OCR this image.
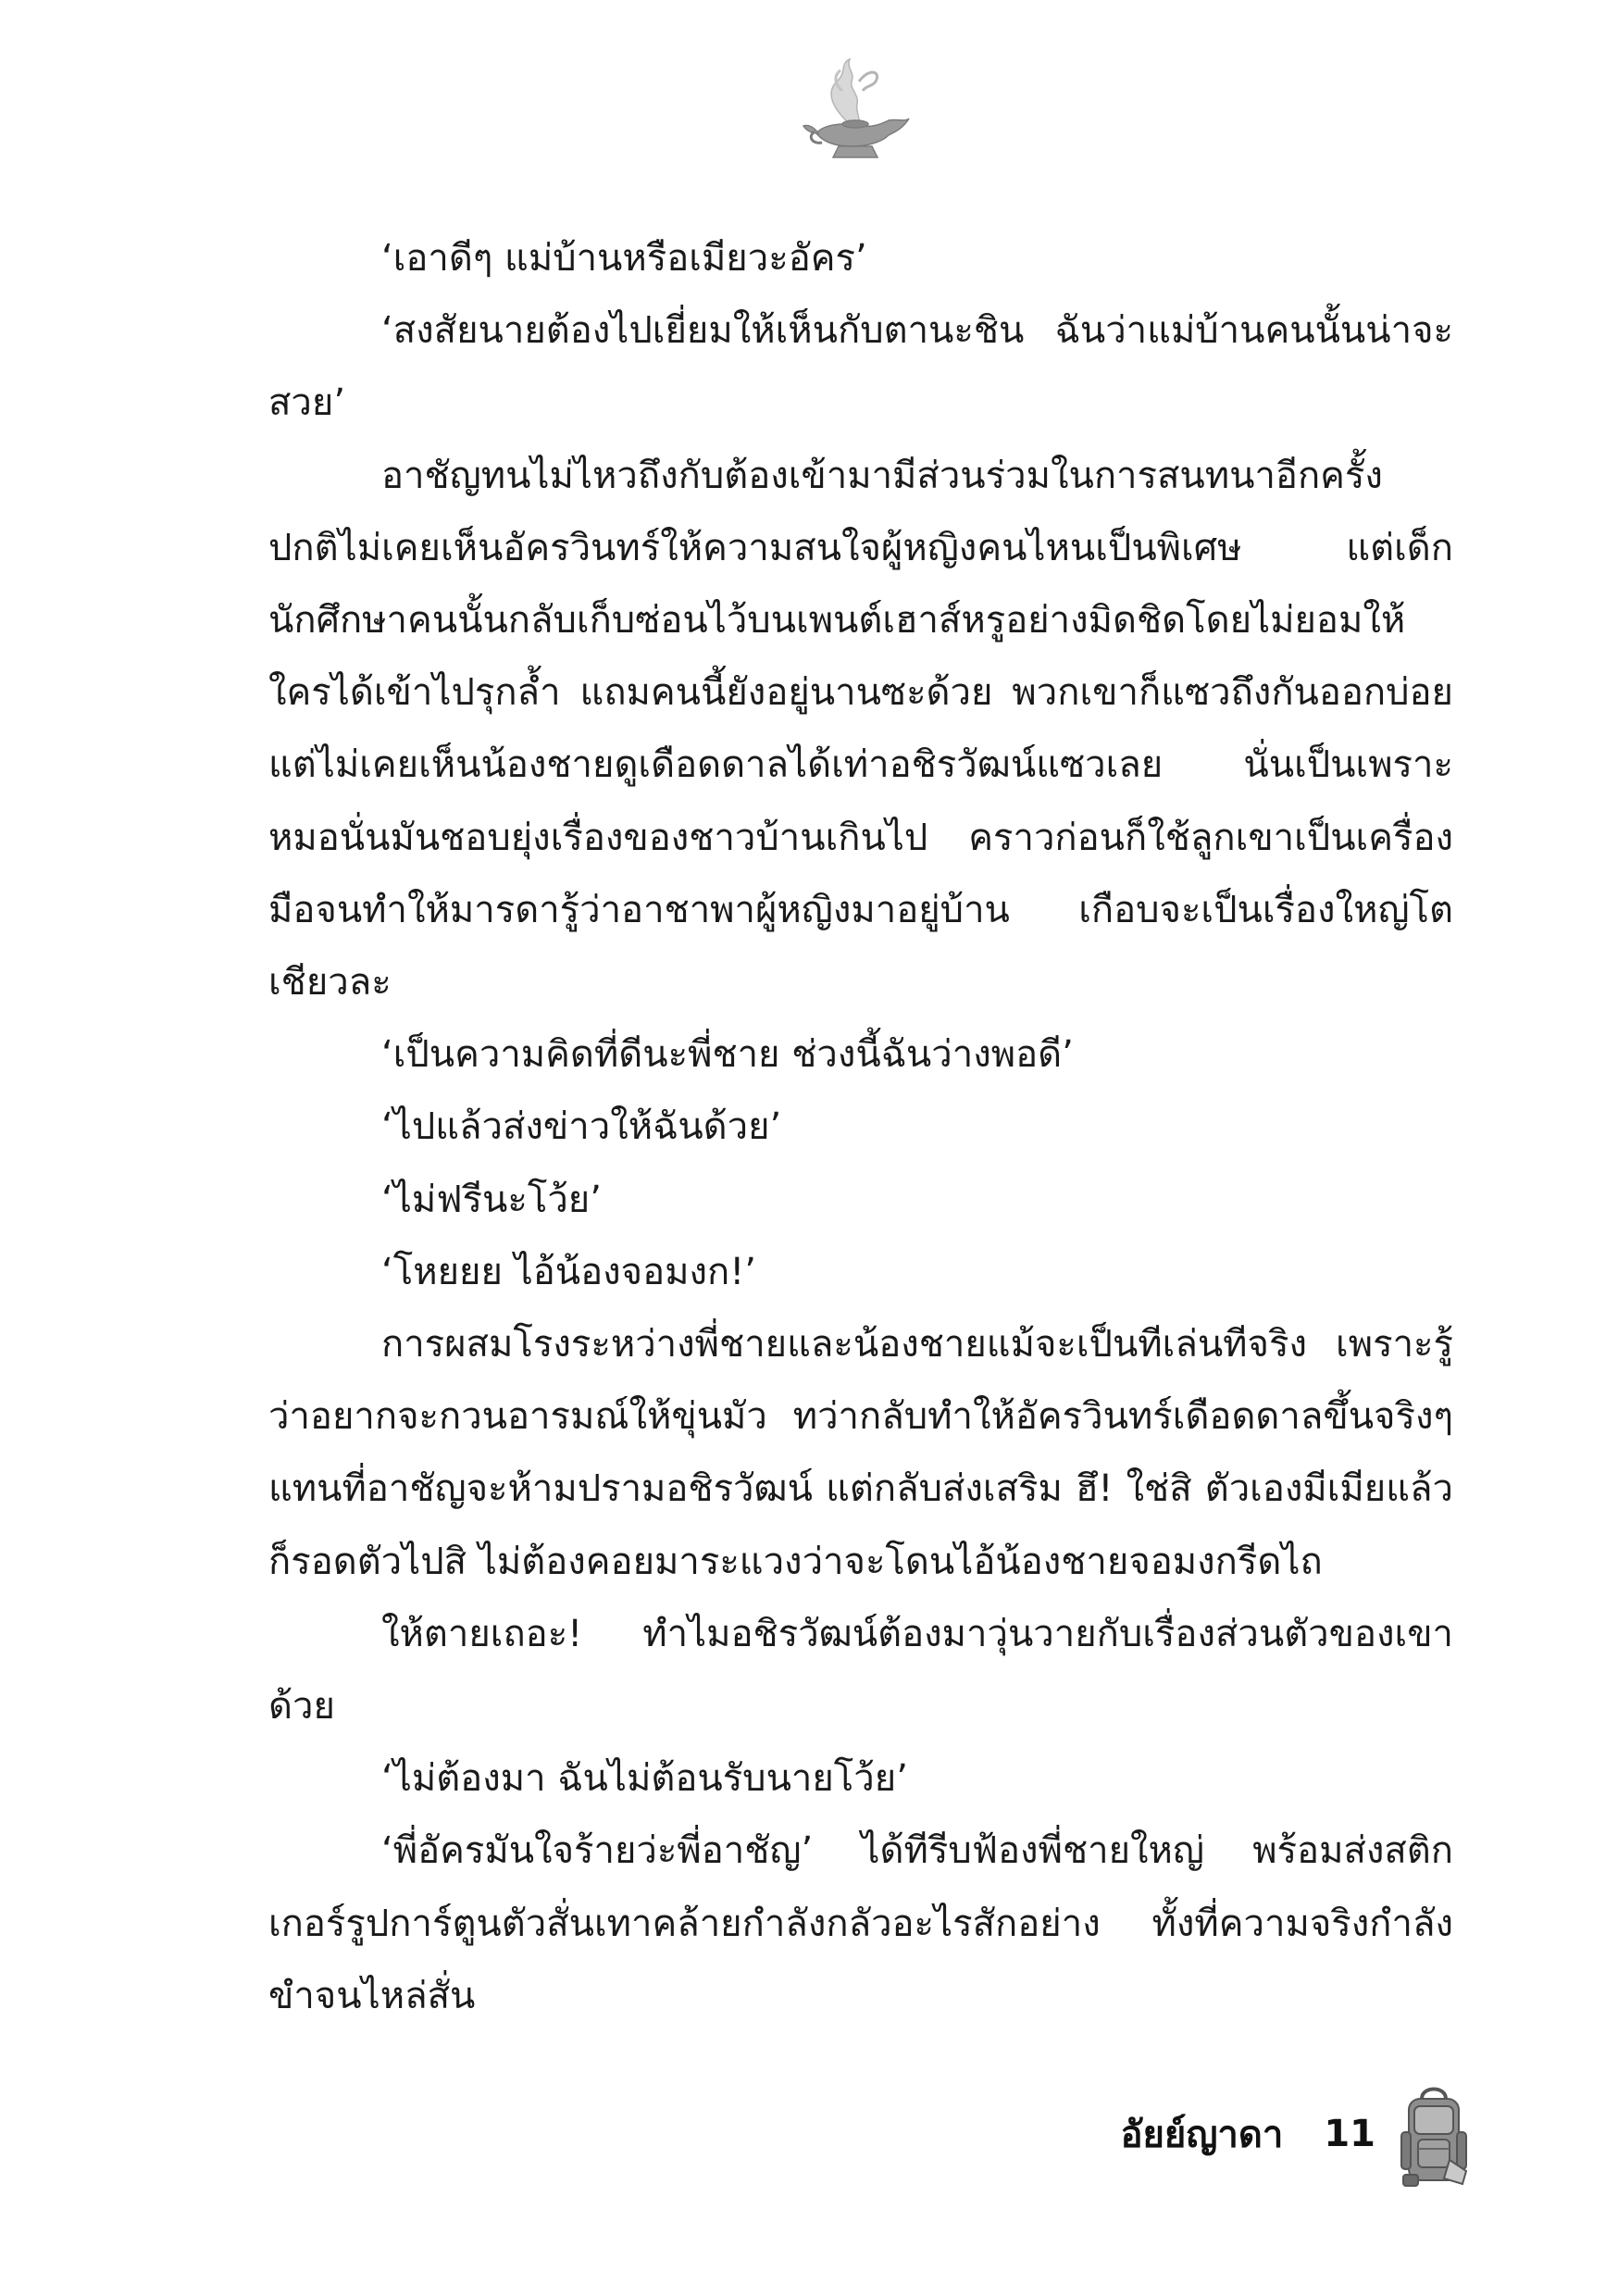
‘เอาดีๆ แม่บ้านหรือเมียวะอัคร’

‘สงสัยนายต้องไปเยี่ยมให้เห็นกับตานะชิน ฉันว่าแม่บ้านคนนั้นน่าจะสวย’

อาชัญทนไม่ไหวถึงกับต้องเข้ามามีส่วนร่วมในการสนทนาอีกครั้ง ปกติไม่เคยเห็นอัครวินทร์ให้ความสนใจผู้หญิงคนไหนเป็นพิเศษ แต่เด็กนักศึกษาคนนั้นกลับเก็บซ่อนไว้บนเพนต์เฮาส์หรูอย่างมิดชิดโดยไม่ยอมให้ใครได้เข้าไปรุกล้ำ แถมคนนี้ยังอยู่นานซะด้วย พวกเขาก็แซวถึงกันออกบ่อย แต่ไม่เคยเห็นน้องชายดูเดือดดาลได้เท่าอชิรวัฒน์แซวเลย นั่นเป็นเพราะหมอนั่นมันชอบยุ่งเรื่องของชาวบ้านเกินไป คราวก่อนก็ใช้ลูกเขาเป็นเครื่องมือจนทำให้มารดารู้ว่าอาชาพาผู้หญิงมาอยู่บ้าน เกือบจะเป็นเรื่องใหญ่โตเชียวละ

‘เป็นความคิดที่ดีนะพี่ชาย ช่วงนี้ฉันว่างพอดี’

‘ไปแล้วส่งข่าวให้ฉันด้วย’

‘ไม่ฟรีนะโว้ย’

‘โหยยย ไอ้น้องจอมงก!’

การผสมโรงระหว่างพี่ชายและน้องชายแม้จะเป็นทีเล่นทีจริง เพราะรู้ว่าอยากจะกวนอารมณ์ให้ขุ่นมัว ทว่ากลับทำให้อัครวินทร์เดือดดาลขึ้นจริงๆ แทนที่อาชัญจะห้ามปรามอชิรวัฒน์ แต่กลับส่งเสริม ฮึ! ใช่สิ ตัวเองมีเมียแล้วก็รอดตัวไปสิ ไม่ต้องคอยมาระแวงว่าจะโดนไอ้น้องชายจอมงกรีดไถ

ให้ตายเถอะ! ทำไมอชิรวัฒน์ต้องมาวุ่นวายกับเรื่องส่วนตัวของเขาด้วย

‘ไม่ต้องมา ฉันไม่ต้อนรับนายโว้ย’

‘พี่อัครมันใจร้ายว่ะพี่อาชัญ’ ได้ทีรีบฟ้องพี่ชายใหญ่ พร้อมส่งสติกเกอร์รูปการ์ตูนตัวสั่นเทาคล้ายกำลังกลัวอะไรสักอย่าง ทั้งที่ความจริงกำลังขำจนไหล่สั่น

อัยย์ญาดา 11
